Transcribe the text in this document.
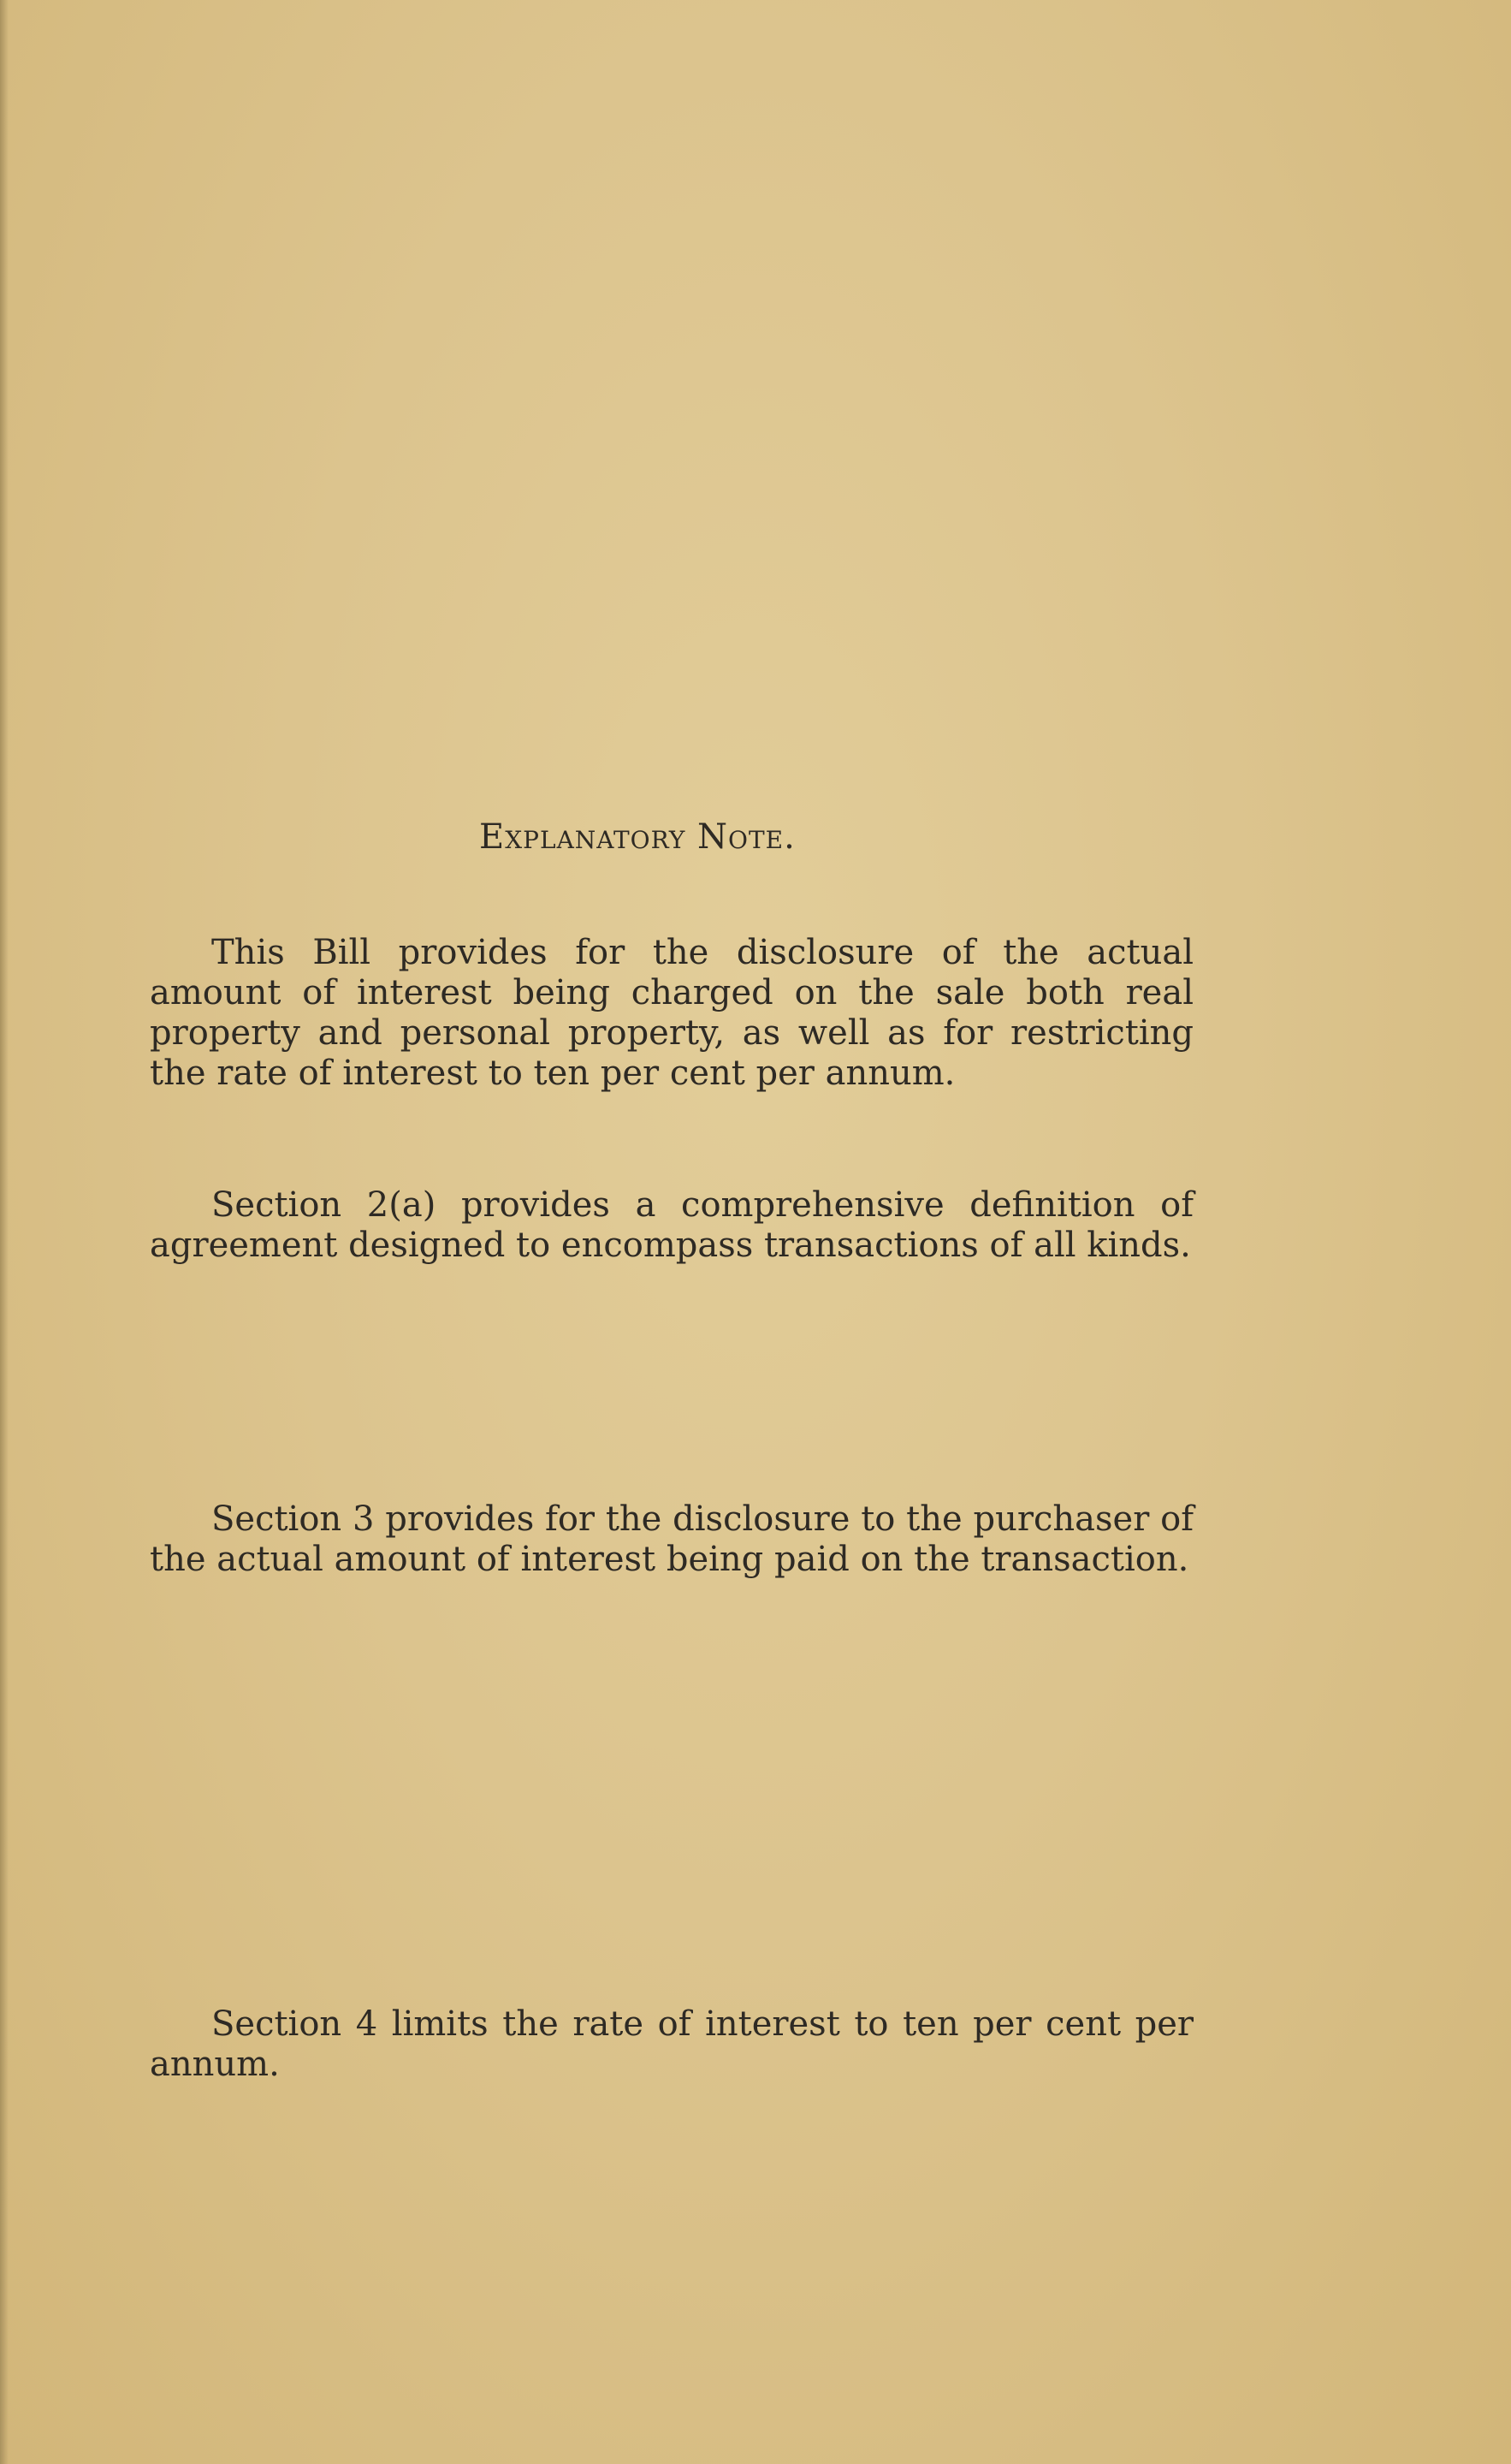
Explanatory Note.

This Bill provides for the disclosure of the actual amount of interest being charged on the sale both real property and personal property, as well as for restricting the rate of interest to ten per cent per annum.

Section 2(a) provides a comprehensive definition of agreement designed to encompass transactions of all kinds.

Section 3 provides for the disclosure to the purchaser of the actual amount of interest being paid on the transaction.

Section 4 limits the rate of interest to ten per cent per annum.
